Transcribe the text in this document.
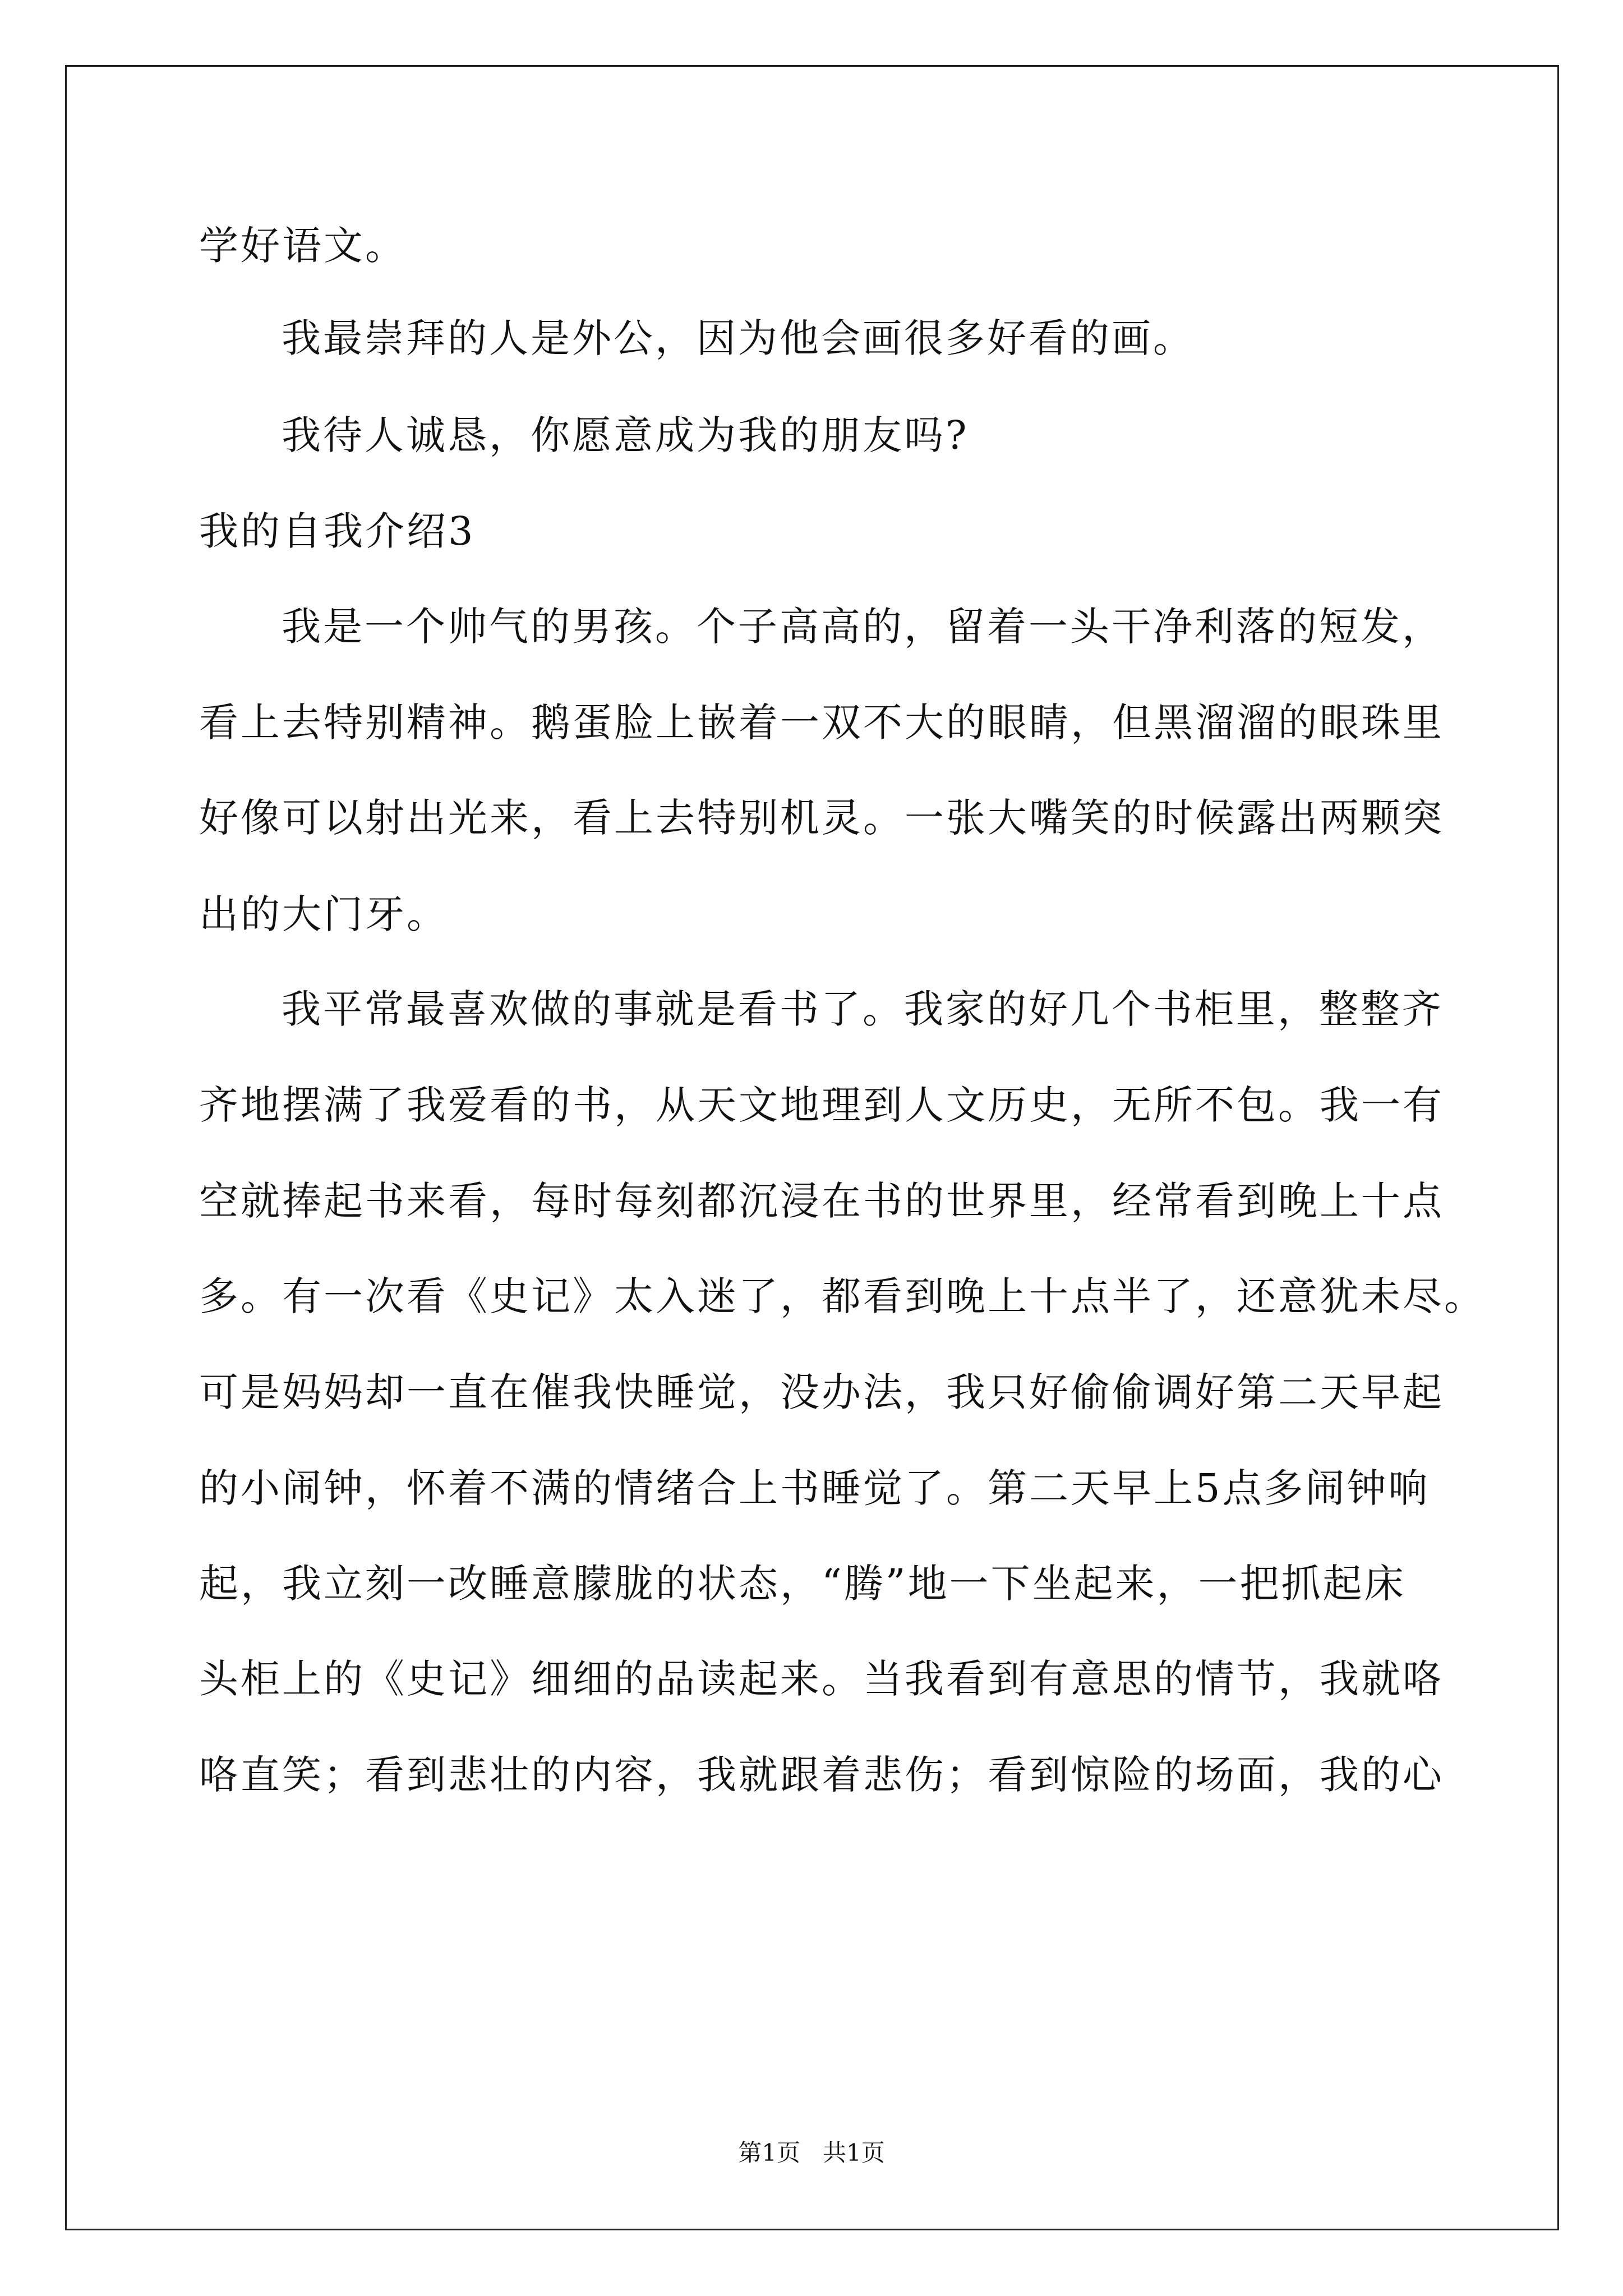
学好语文。

我最崇拜的人是外公，因为他会画很多好看的画。

我待人诚恳，你愿意成为我的朋友吗?

我的自我介绍3

我是一个帅气的男孩。个子高高的，留着一头干净利落的短发，

看上去特别精神。鹅蛋脸上嵌着一双不大的眼睛，但黑溜溜的眼珠里

好像可以射出光来，看上去特别机灵。一张大嘴笑的时候露出两颗突

出的大门牙。

我平常最喜欢做的事就是看书了。我家的好几个书柜里，整整齐

齐地摆满了我爱看的书，从天文地理到人文历史，无所不包。我一有

空就捧起书来看，每时每刻都沉浸在书的世界里，经常看到晚上十点

多。有一次看《史记》太入迷了，都看到晚上十点半了，还意犹未尽。

可是妈妈却一直在催我快睡觉，没办法，我只好偷偷调好第二天早起

的小闹钟，怀着不满的情绪合上书睡觉了。第二天早上5点多闹钟响

起，我立刻一改睡意朦胧的状态，“腾”地一下坐起来，一把抓起床

头柜上的《史记》细细的品读起来。当我看到有意思的情节，我就咯

咯直笑；看到悲壮的内容，我就跟着悲伤；看到惊险的场面，我的心

第1页   共1页
